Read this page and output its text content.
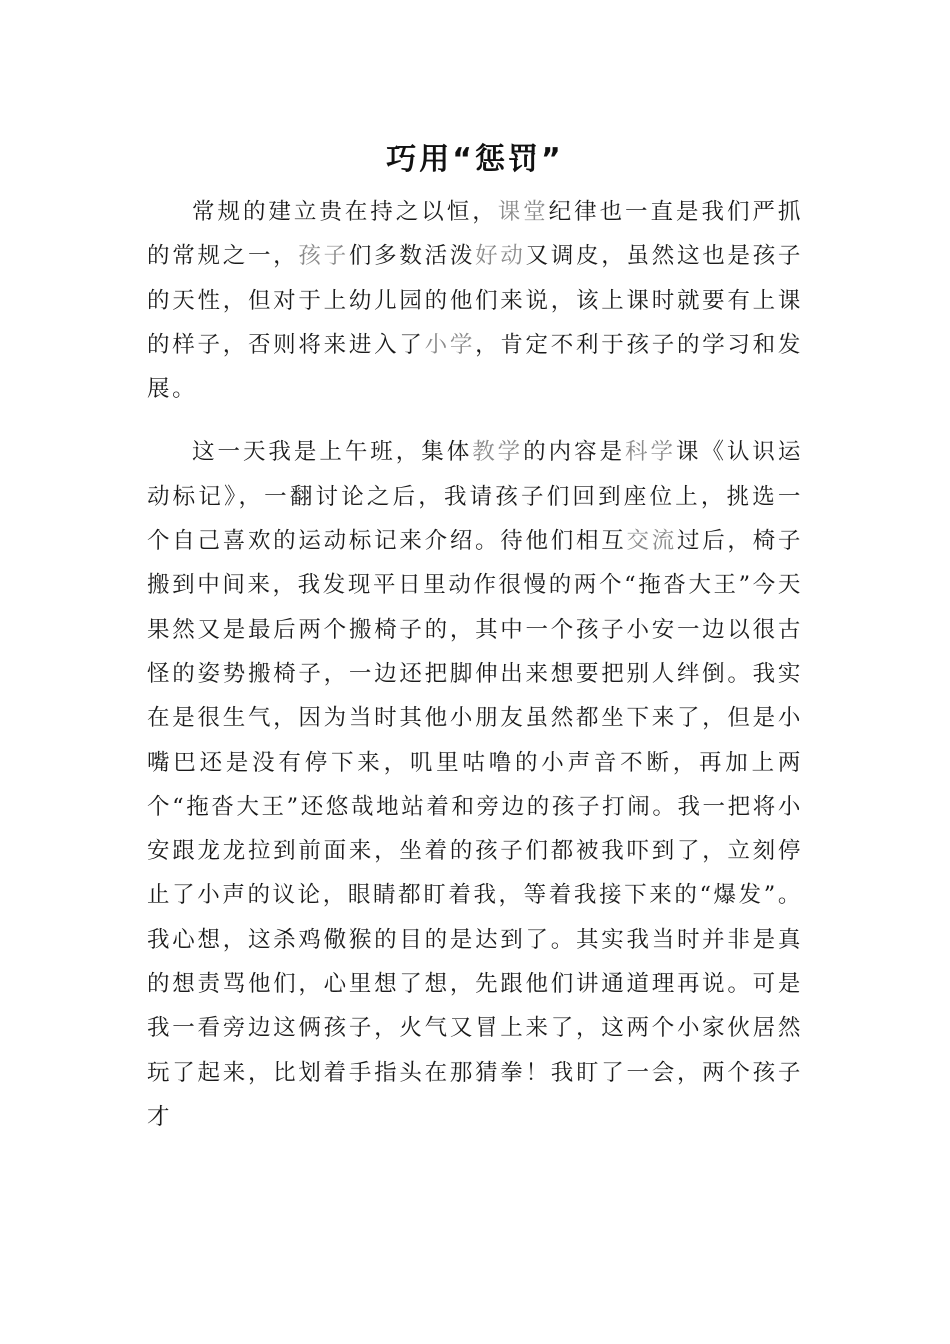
巧用“惩罚”

常规的建立贵在持之以恒，课堂纪律也一直是我们严抓的常规之一，孩子们多数活泼好动又调皮，虽然这也是孩子的天性，但对于上幼儿园的他们来说，该上课时就要有上课的样子，否则将来进入了小学，肯定不利于孩子的学习和发展。

这一天我是上午班，集体教学的内容是科学课《认识运动标记》，一翻讨论之后，我请孩子们回到座位上，挑选一个自己喜欢的运动标记来介绍。待他们相互交流过后，椅子搬到中间来，我发现平日里动作很慢的两个“拖沓大王”今天果然又是最后两个搬椅子的，其中一个孩子小安一边以很古怪的姿势搬椅子，一边还把脚伸出来想要把别人绊倒。我实在是很生气，因为当时其他小朋友虽然都坐下来了，但是小嘴巴还是没有停下来，叽里咕噜的小声音不断，再加上两个“拖沓大王”还悠哉地站着和旁边的孩子打闹。我一把将小安跟龙龙拉到前面来，坐着的孩子们都被我吓到了，立刻停止了小声的议论，眼睛都盯着我，等着我接下来的“爆发”。我心想，这杀鸡儆猴的目的是达到了。其实我当时并非是真的想责骂他们，心里想了想，先跟他们讲通道理再说。可是我一看旁边这俩孩子，火气又冒上来了，这两个小家伙居然玩了起来，比划着手指头在那猜拳！我盯了一会，两个孩子才
